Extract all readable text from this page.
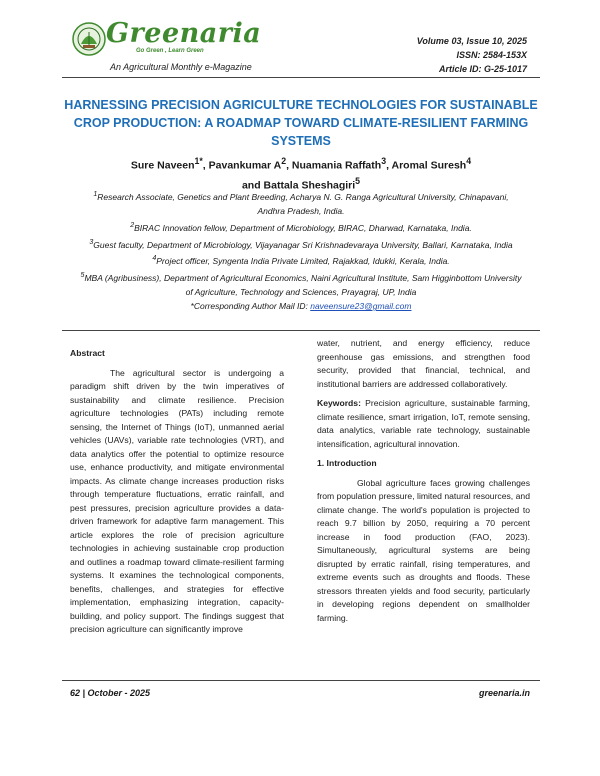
Greenaria
Go Green , Learn Green
An Agricultural Monthly e-Magazine
Volume 03, Issue 10, 2025
ISSN: 2584-153X
Article ID: G-25-1017
HARNESSING PRECISION AGRICULTURE TECHNOLOGIES FOR SUSTAINABLE CROP PRODUCTION: A ROADMAP TOWARD CLIMATE-RESILIENT FARMING SYSTEMS
Sure Naveen$^{1*}$, Pavankumar $A^2$, Nuamania Raffath$^3$, Aromal Suresh$^4$
and Battala Sheshagiri$^5$

$^1$Research Associate, Genetics and Plant Breeding, Acharya N. G. Ranga Agricultural University, Chinapavani, Andhra Pradesh, India.

$^2$BIRAC Innovation fellow, Department of Microbiology, BIRAC, Dharwad, Karnataka, India.

$^3$Guest faculty, Department of Microbiology, Vijayanagar Sri Krishnadevaraya University, Ballari, Karnataka, India

$^4$Project officer, Syngenta India Private Limited, Rajakkad, Idukki, Kerala, India.

$^5$MBA (Agribusiness), Department of Agricultural Economics, Naini Agricultural Institute, Sam Higginbottom University of Agriculture, Technology and Sciences, Prayagraj, UP, India

*Corresponding Author Mail ID: naveensure23@gmail.com

Abstract

The agricultural sector is undergoing a paradigm shift driven by the twin imperatives of sustainability and climate resilience. Precision agriculture technologies (PATs) including remote sensing, the Internet of Things (IoT), unmanned aerial vehicles (UAVs), variable rate technologies (VRT), and data analytics offer the potential to optimize resource use, enhance productivity, and mitigate environmental impacts. As climate change increases production risks through temperature fluctuations, erratic rainfall, and pest pressures, precision agriculture provides a data-driven framework for adaptive farm management. This article explores the role of precision agriculture technologies in achieving sustainable crop production and outlines a roadmap toward climate-resilient farming systems. It examines the technological components, benefits, challenges, and strategies for effective implementation, emphasizing integration, capacity-building, and policy support. The findings suggest that precision agriculture can significantly improve

water, nutrient, and energy efficiency, reduce greenhouse gas emissions, and strengthen food security, provided that financial, technical, and institutional barriers are addressed collaboratively.

Keywords: Precision agriculture, sustainable farming, climate resilience, smart irrigation, IoT, remote sensing, data analytics, variable rate technology, sustainable intensification, agricultural innovation.

1. Introduction

Global agriculture faces growing challenges from population pressure, limited natural resources, and climate change. The world's population is projected to reach 9.7 billion by 2050, requiring a 70 percent increase in food production (FAO, 2023). Simultaneously, agricultural systems are being disrupted by erratic rainfall, rising temperatures, and extreme events such as droughts and floods. These stressors threaten yields and food security, particularly in developing regions dependent on smallholder farming.

62 | October - 2025	greenaria.in
